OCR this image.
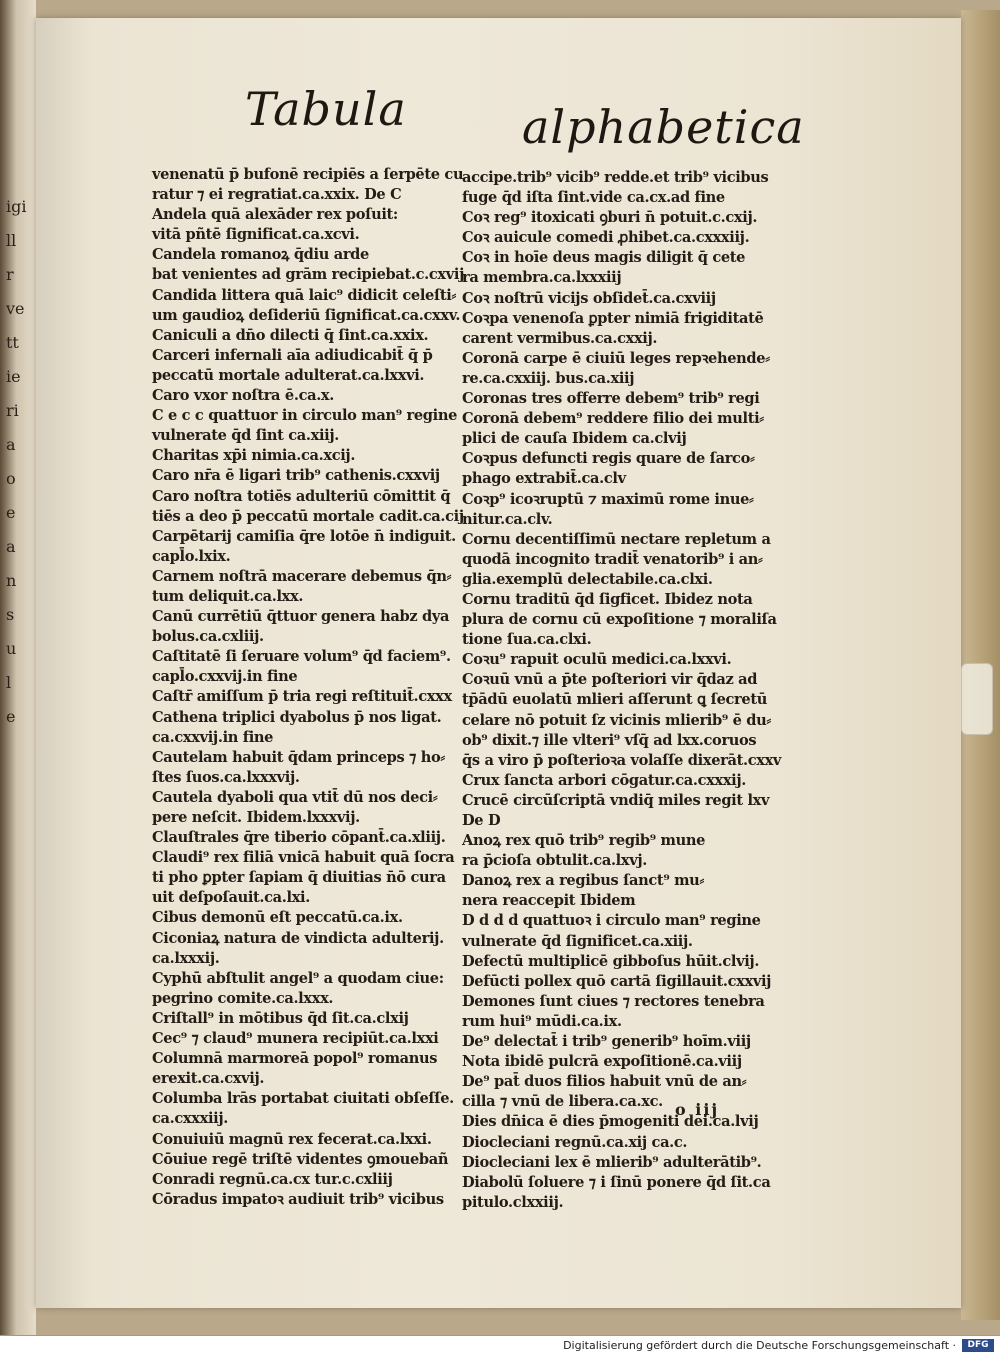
igi
ll
r
ve
tt
ie
ri
a
o
e
a
n
s
u
l
e
Tabula	alphabetica
venenatū p̄ bufonē recipiēs a ſerpēte cu
ratur ⁊ ei regratiat.ca.xxix. De C
Andela quā alexāder rex poſuit:
vitā pñtē ſignificat.ca.xcvi.
Candela romanoꝝ q̄diu arde
bat venientes ad grām recipiebat.c.cxvij
Candida littera quā laic⁹ didicit celeſti⸗
um gaudioꝝ deſideriū ſignificat.ca.cxxv.
Caniculi a dn̄o dilecti q̄ ſint.ca.xxix.
Carceri infernali aīa adiudicabit̄ q̄ p̄
peccatū mortale adulterat.ca.lxxvi.
Caro vxor noſtra ē.ca.x.
C e c c quattuor in circulo man⁹ regine
vulnerate q̄d ſint ca.xiij.
Charitas xp̄i nimia.ca.xcij.
Caro nr̄a ē ligari trib⁹ cathenis.cxxvij
Caro noſtra totiēs adulteriū cōmittit q̄
tiēs a deo p̄ peccatū mortale cadit.ca.cij
Carpētarij camiſia q̄re lotōe n̄ indiguit.
capl̄o.lxix.
Carnem noſtrā macerare debemus q̄n⸗
tum deliquit.ca.lxx.
Canū currētiū q̄ttuor genera habz dya
bolus.ca.cxliij.
Caſtitatē ſi ſeruare volum⁹ q̄d faciem⁹.
capl̄o.cxxvij.in fine
Caſtr̄ amiſſum p̄ tria regi reſtituit̄.cxxx
Cathena triplici dyabolus p̄ nos ligat.
ca.cxxvij.in fine
Cautelam habuit q̄dam princeps ⁊ ho⸗
ſtes ſuos.ca.lxxxvij.
Cautela dyaboli qua vtit̄ dū nos deci⸗
pere neſcit. Ibidem.lxxxvij.
Clauſtrales q̄re tiberio cōpant̄.ca.xliij.
Claudi⁹ rex filiā vnicā habuit quā ſocra
ti pho ꝑpter ſapiam q̄ diuitias n̄ō cura
uit deſpoſauit.ca.lxi.
Cibus demonū eſt peccatū.ca.ix.
Ciconiaꝝ natura de vindicta adulterij.
ca.lxxxij.
Cyphū abſtulit angel⁹ a quodam ciue:
pegrino comite.ca.lxxx.
Criſtall⁹ in mōtibus q̄d ſit.ca.clxij
Cec⁹ ⁊ claud⁹ munera recipiūt.ca.lxxi
Columnā marmoreā popol⁹ romanus
erexit.ca.cxvij.
Columba lrās portabat ciuitati obſeſſe.
ca.cxxxiij.
Conuiuiū magnū rex fecerat.ca.lxxi.
Cōuiue regē triſtē videntes ꝯmouebañ
Conradi regnū.ca.cx tur.c.cxliij
Cōradus impatoꝛ audiuit trib⁹ vicibus
accipe.trib⁹ vicib⁹ redde.et trib⁹ vicibus
fuge q̄d iſta ſint.vide ca.cx.ad fine
Coꝛ reg⁹ itoxicati ꝯburi n̄ potuit.c.cxij.
Coꝛ auicule comedi ꝓhibet.ca.cxxxiij.
Coꝛ in hoīe deus magis diligit q̄ cete
ra membra.ca.lxxxiij
Coꝛ noſtrū vicijs obſidet̄.ca.cxviij
Coꝛpa venenoſa ꝑpter nimiā frigiditatē
carent vermibus.ca.cxxij.
Coronā carpe ē ciuiū leges repꝛehende⸗
re.ca.cxxiij. bus.ca.xiij
Coronas tres offerre debem⁹ trib⁹ regi
Coronā debem⁹ reddere filio dei multi⸗
plici de cauſa Ibidem ca.clvij
Coꝛpus defuncti regis quare de ſarco⸗
phago extrabit̄.ca.clv
Coꝛp⁹ icoꝛruptū ⁊ maximū rome inue⸗
nitur.ca.clv.
Cornu decentiſſimū nectare repletum a
quodā incognito tradit̄ venatorib⁹ i an⸗
glia.exemplū delectabile.ca.clxi.
Cornu traditū q̄d ſigficet. Ibidez nota
plura de cornu cū expoſitione ⁊ moraliſa
tione ſua.ca.clxi.
Coꝛu⁹ rapuit oculū medici.ca.lxxvi.
Coꝛuū vnū a p̄te poſteriori vir q̄daz ad
tp̄ādū euolatū mlieri aſſerunt ꝗ ſecretū
celare nō potuit ſz vicinis mlierib⁹ ē du⸗
ob⁹ dixit.⁊ ille vlteri⁹ vſq̄ ad lxx.coruos
q̄s a viro p̄ poſterioꝛa volaſſe dixerāt.cxxv
Crux ſancta arbori cōgatur.ca.cxxxij.
Crucē circūſcriptā vndiq̄ miles regit lxv
De D
Anoꝝ rex quō trib⁹ regib⁹ mune
ra p̄cioſa obtulit.ca.lxvj.
Danoꝝ rex a regibus ſanct⁹ mu⸗
nera reaccepit Ibidem
D d d d quattuoꝛ i circulo man⁹ regine
vulnerate q̄d ſignificet.ca.xiij.
Defectū multiplicē gibboſus hūit.clvij.
Defūcti pollex quō cartā ſigillauit.cxxvij
Demones ſunt ciues ⁊ rectores tenebra
rum hui⁹ mūdi.ca.ix.
De⁹ delectat̄ i trib⁹ generib⁹ hoīm.viij
Nota ibidē pulcrā expoſitionē.ca.viij
De⁹ pat̄ duos filios habuit vnū de an⸗
cilla ⁊ vnū de libera.ca.xc.
Dies dn̄ica ē dies p̄mogeniti dei.ca.lvij
Diocleciani regnū.ca.xij ca.c.
Diocleciani lex ē mlierib⁹ adulterātib⁹.
Diabolū ſoluere ⁊ i ſinū ponere q̄d ſit.ca
pitulo.clxxiij.
o iij
Digitalisierung gefördert durch die Deutsche Forschungsgemeinschaft ·	DFG
